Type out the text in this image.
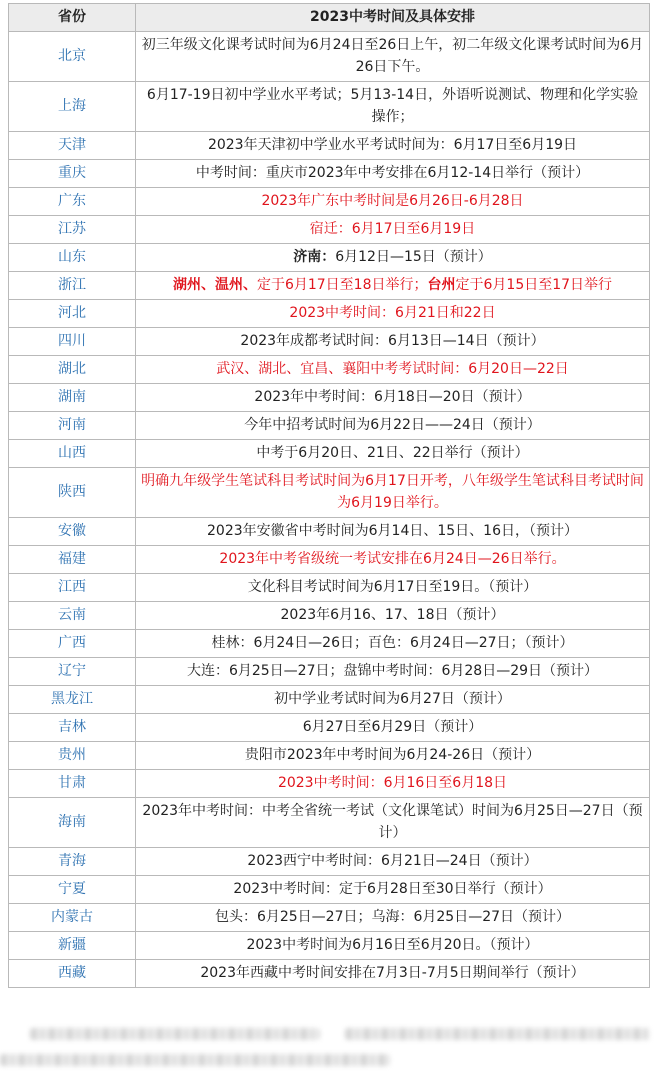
省份	2023中考时间及具体安排
北京	初三年级文化课考试时间为6月24日至26日上午，初二年级文化课考试时间为6月26日下午。
上海	6月17-19日初中学业水平考试；5月13-14日，外语听说测试、物理和化学实验操作；
天津	2023年天津初中学业水平考试时间为：6月17日至6月19日
重庆	中考时间：重庆市2023年中考安排在6月12-14日举行（预计）
广东	2023年广东中考时间是6月26日-6月28日
江苏	宿迁：6月17日至6月19日
山东	济南：6月12日—15日（预计）
浙江	湖州、温州、定于6月17日至18日举行；台州定于6月15日至17日举行
河北	2023中考时间：6月21日和22日
四川	2023年成都考试时间：6月13日—14日（预计）
湖北	武汉、湖北、宜昌、襄阳中考考试时间：6月20日—22日
湖南	2023年中考时间：6月18日—20日（预计）
河南	今年中招考试时间为6月22日——24日（预计）
山西	中考于6月20日、21日、22日举行（预计）
陕西	明确九年级学生笔试科目考试时间为6月17日开考，八年级学生笔试科目考试时间为6月19日举行。
安徽	2023年安徽省中考时间为6月14日、15日、16日，（预计）
福建	2023年中考省级统一考试安排在6月24日—26日举行。
江西	文化科目考试时间为6月17日至19日。（预计）
云南	2023年6月16、17、18日（预计）
广西	桂林：6月24日—26日；百色：6月24日—27日；（预计）
辽宁	大连：6月25日—27日；盘锦中考时间：6月28日—29日（预计）
黑龙江	初中学业考试时间为6月27日（预计）
吉林	6月27日至6月29日（预计）
贵州	贵阳市2023年中考时间为6月24-26日（预计）
甘肃	2023中考时间：6月16日至6月18日
海南	2023年中考时间：中考全省统一考试（文化课笔试）时间为6月25日—27日（预计）
青海	2023西宁中考时间：6月21日—24日（预计）
宁夏	2023中考时间：定于6月28日至30日举行（预计）
内蒙古	包头：6月25日—27日；乌海：6月25日—27日（预计）
新疆	2023中考时间为6月16日至6月20日。（预计）
西藏	2023年西藏中考时间安排在7月3日-7月5日期间举行（预计）
